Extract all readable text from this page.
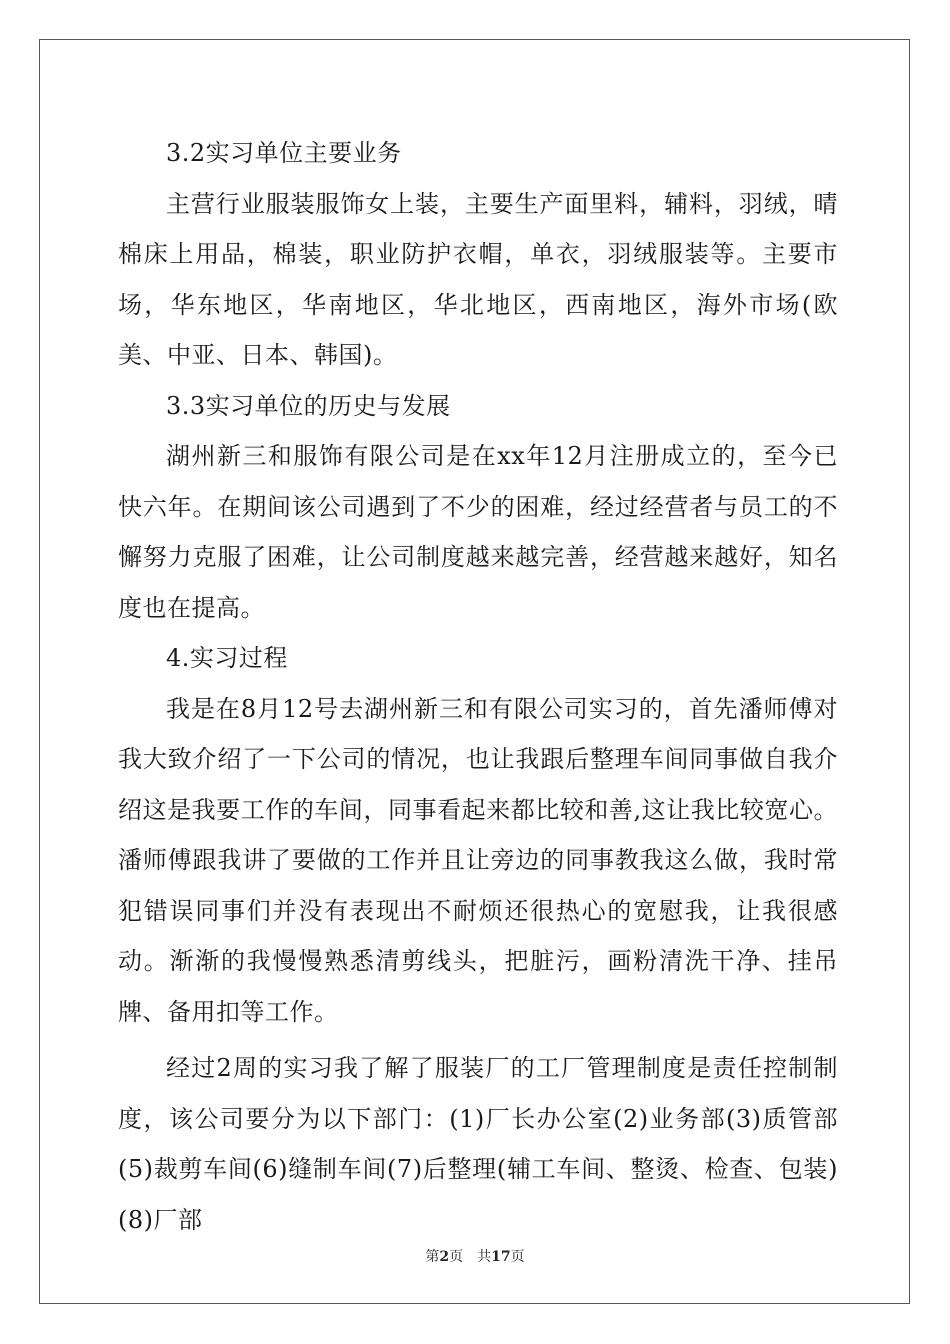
3.2实习单位主要业务

主营行业服装服饰女上装，主要生产面里料，辅料，羽绒，晴棉床上用品，棉装，职业防护衣帽，单衣，羽绒服装等。主要市场，华东地区，华南地区，华北地区，西南地区，海外市场(欧美、中亚、日本、韩国)。

3.3实习单位的历史与发展

湖州新三和服饰有限公司是在xx年12月注册成立的，至今已快六年。在期间该公司遇到了不少的困难，经过经营者与员工的不懈努力克服了困难，让公司制度越来越完善，经营越来越好，知名度也在提高。

4.实习过程

我是在8月12号去湖州新三和有限公司实习的，首先潘师傅对我大致介绍了一下公司的情况，也让我跟后整理车间同事做自我介绍这是我要工作的车间，同事看起来都比较和善,这让我比较宽心。潘师傅跟我讲了要做的工作并且让旁边的同事教我这么做，我时常犯错误同事们并没有表现出不耐烦还很热心的宽慰我，让我很感动。渐渐的我慢慢熟悉清剪线头，把脏污，画粉清洗干净、挂吊牌、备用扣等工作。

经过2周的实习我了解了服装厂的工厂管理制度是责任控制制度，该公司要分为以下部门：(1)厂长办公室(2)业务部(3)质管部(5)裁剪车间(6)缝制车间(7)后整理(辅工车间、整烫、检查、包装)(8)厂部

第2页 共17页
